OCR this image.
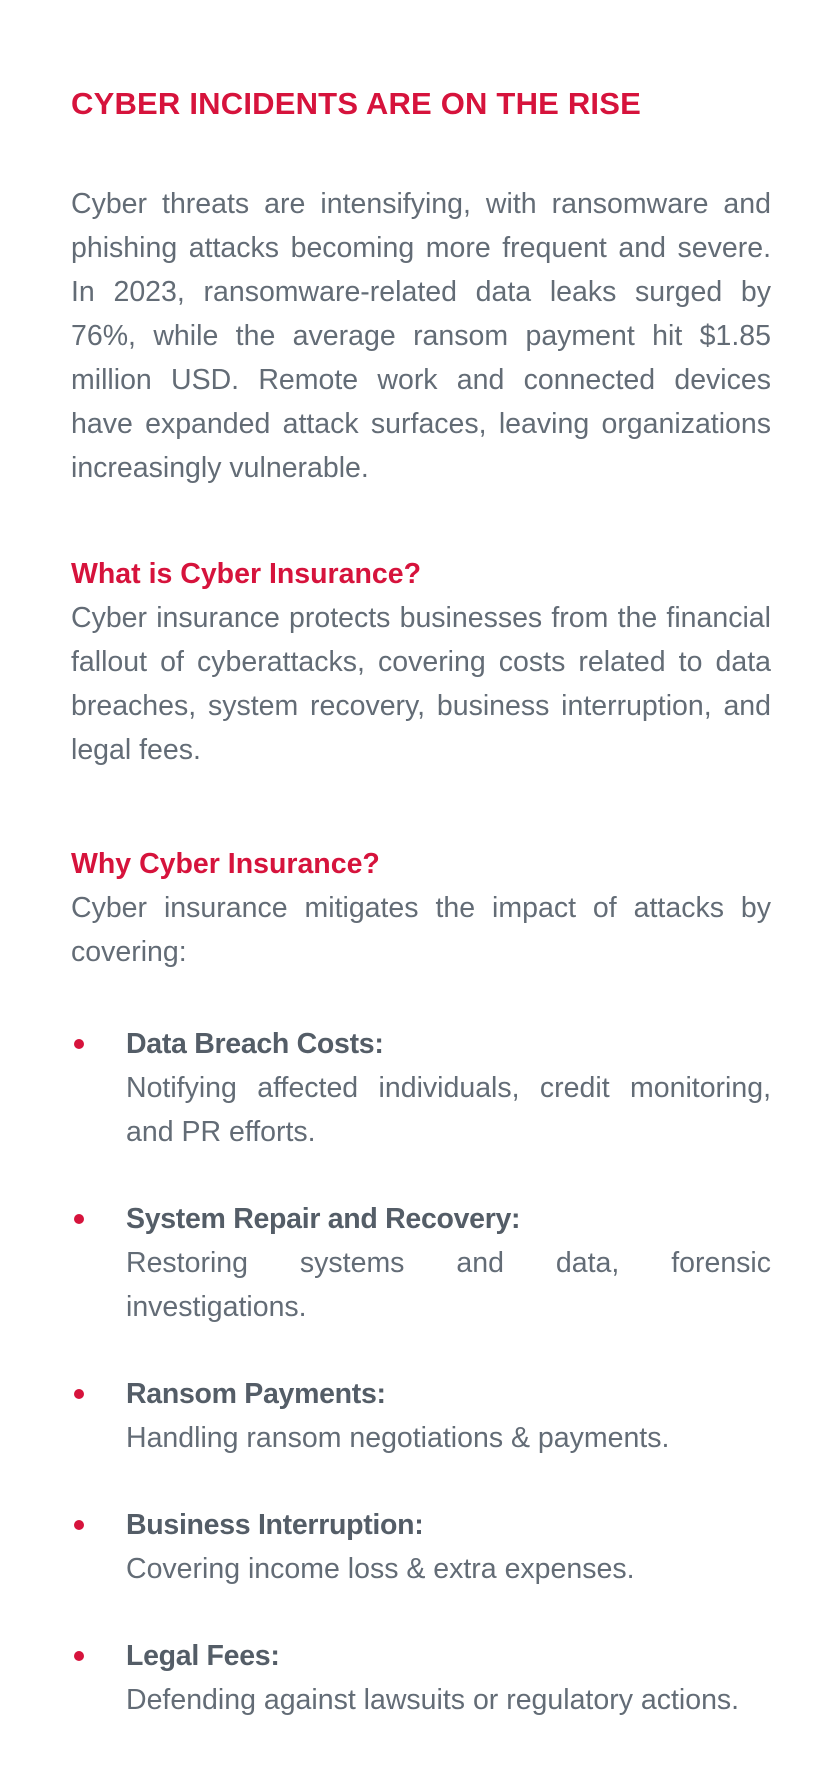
CYBER INCIDENTS ARE ON THE RISE

Cyber threats are intensifying, with ransomware and phishing attacks becoming more frequent and severe. In 2023, ransomware-related data leaks surged by 76%, while the average ransom payment hit $1.85 million USD. Remote work and connected devices have expanded attack surfaces, leaving organizations increasingly vulnerable.

What is Cyber Insurance?

Cyber insurance protects businesses from the financial fallout of cyberattacks, covering costs related to data breaches, system recovery, business interruption, and legal fees.

Why Cyber Insurance?

Cyber insurance mitigates the impact of attacks by covering:

Data Breach Costs:

Notifying affected individuals, credit monitoring, and PR efforts.

System Repair and Recovery:

Restoring systems and data, forensic investigations.

Ransom Payments:

Handling ransom negotiations & payments.

Business Interruption:

Covering income loss & extra expenses.

Legal Fees:

Defending against lawsuits or regulatory actions.
